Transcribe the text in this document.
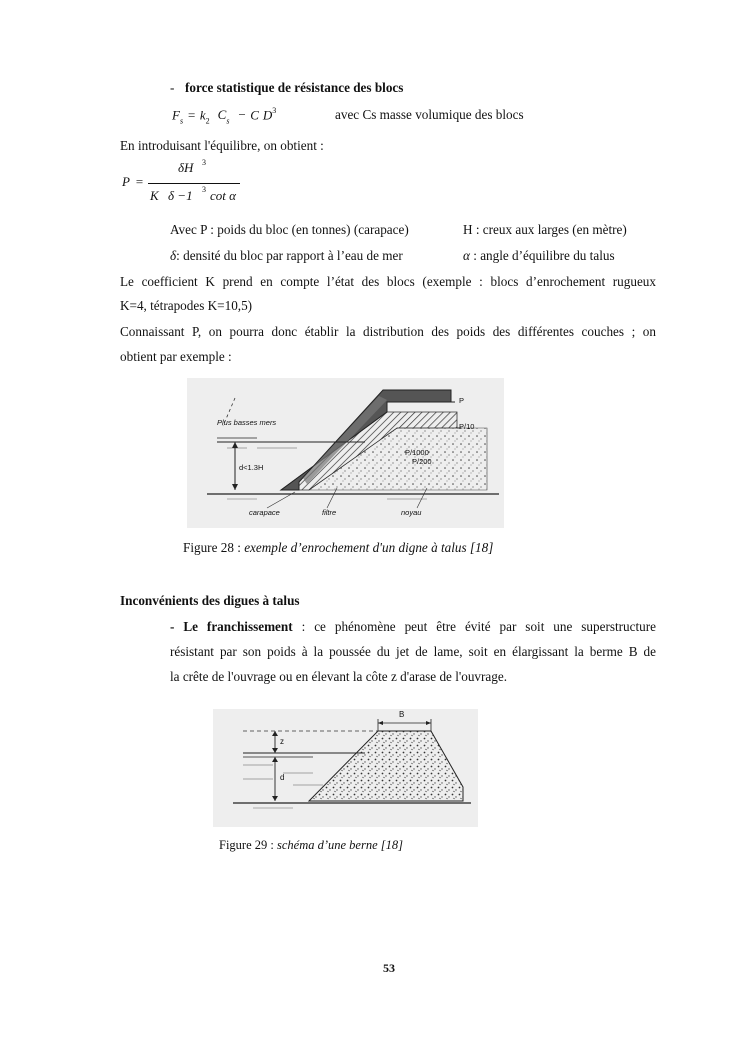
- force statistique de résistance des blocs
$F_s = k_2$ $C_s - C$ $D^3$	avec Cs masse volumique des blocs
En introduisant l'équilibre, on obtient :
P =
δH 3
K δ −1 3 cot α
Avec P : poids du bloc (en tonnes) (carapace)	H : creux aux larges (en mètre)
δ: densité du bloc par rapport à l’eau de mer	α : angle d’équilibre du talus
Le coefficient K prend en compte l’état des blocs (exemple : blocs d’enrochement rugueux
K=4, tétrapodes K=10,5)
Connaissant P, on pourra donc établir la distribution des poids des différentes couches ; on
obtient par exemple :
Plus basses mers
d<1.3H
P
P/10
P/1000
P/200
carapace	filtre	noyau
Figure 28 : exemple d’enrochement d'un digne à talus [18]
Inconvénients des digues à talus
- Le franchissement : ce phénomène peut être évité par soit une superstructure
résistant par son poids à la poussée du jet de lame, soit en élargissant la berme B de
la crête de l'ouvrage ou en élevant la côte z d'arase de l'ouvrage.
B
z
d
Figure 29 : schéma d’une berne [18]
53
